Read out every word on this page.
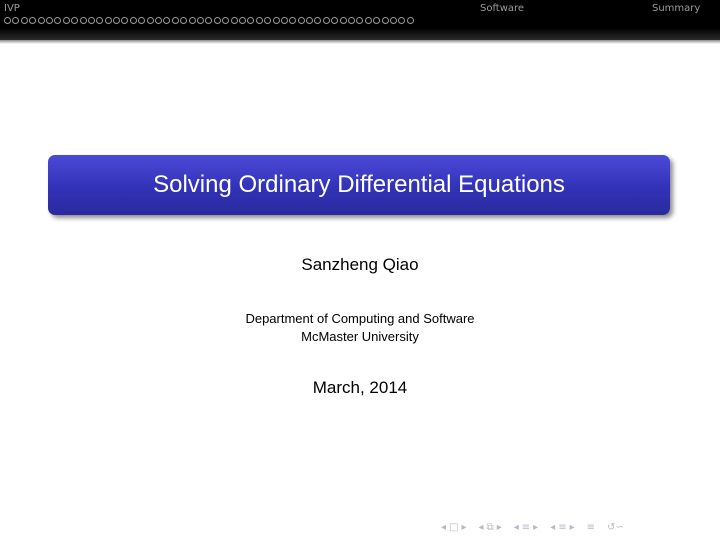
IVP	Software	Summary
Solving Ordinary Differential Equations
Sanzheng Qiao
Department of Computing and Software
McMaster University
March, 2014
◂ □ ▸ ◂ ⧉ ▸ ◂ ≡ ▸ ◂ ≡ ▸ ≡ ↺∽
